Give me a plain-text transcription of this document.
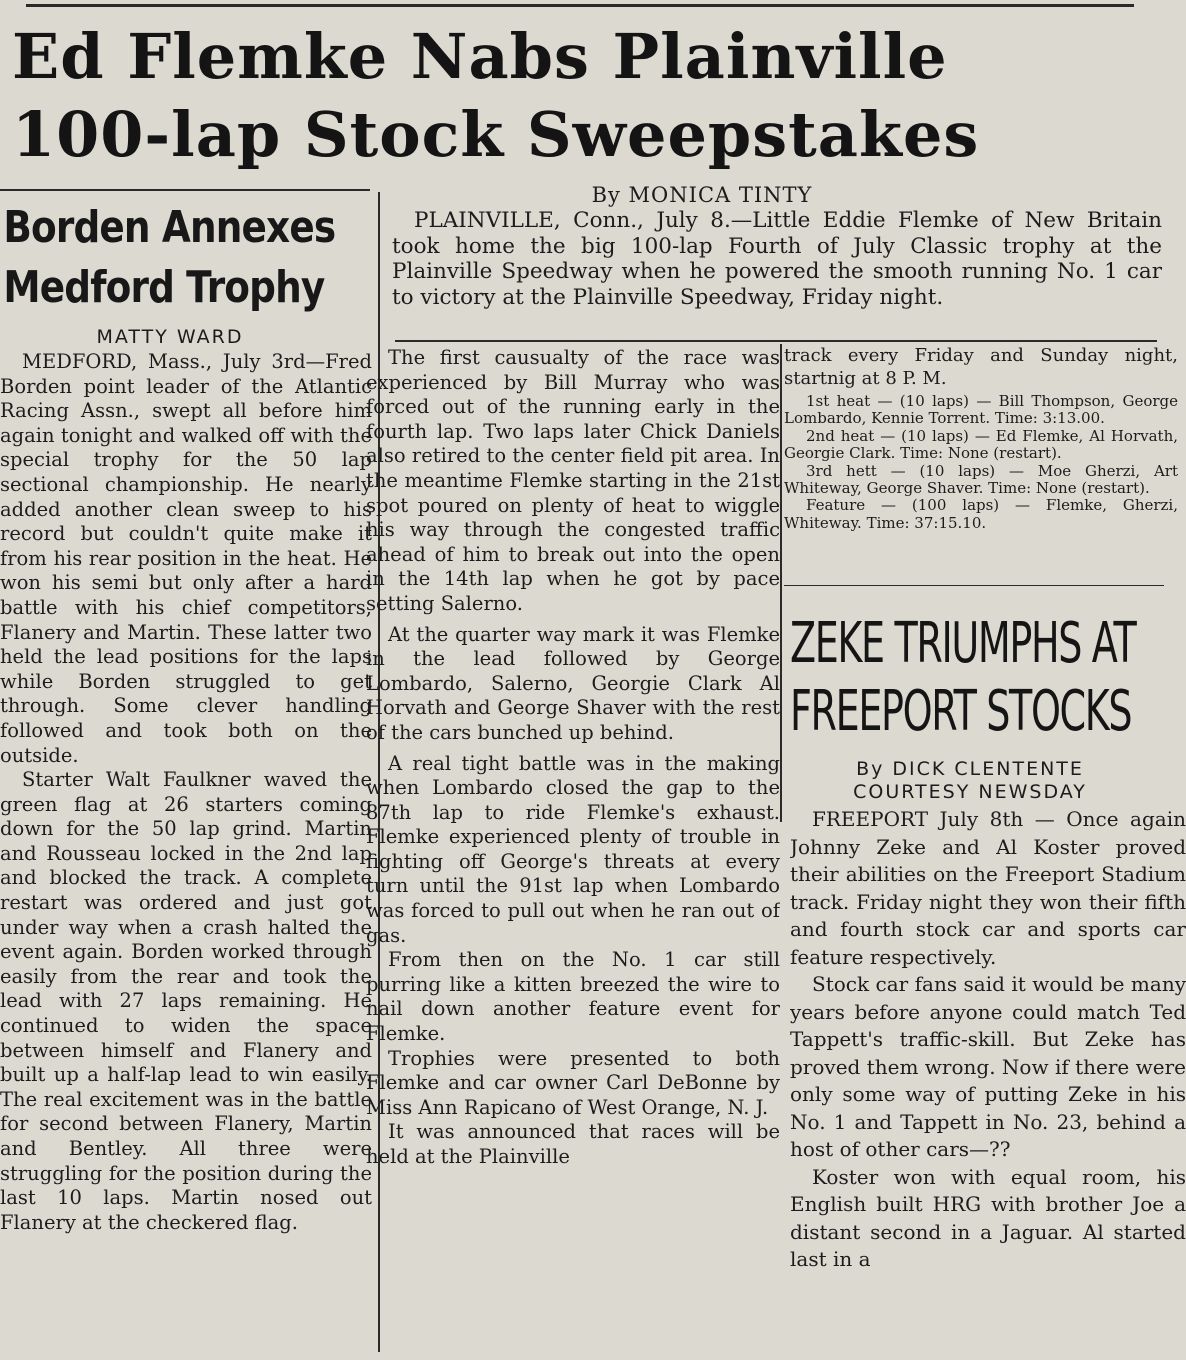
Ed Flemke Nabs Plainville
100-lap Stock Sweepstakes
Borden Annexes
Medford Trophy
MATTY WARD

MEDFORD, Mass., July 3rd—Fred Borden point leader of the Atlantic Racing Assn., swept all before him again tonight and walked off with the special trophy for the 50 lap sectional championship. He nearly added another clean sweep to his record but couldn't quite make it from his rear position in the heat. He won his semi but only after a hard battle with his chief competitors, Flanery and Martin. These latter two held the lead positions for the laps while Borden struggled to get through. Some clever handling followed and took both on the outside.

Starter Walt Faulkner waved the green flag at 26 starters coming down for the 50 lap grind. Martin and Rousseau locked in the 2nd lap and blocked the track. A complete restart was ordered and just got under way when a crash halted the event again. Borden worked through easily from the rear and took the lead with 27 laps remaining. He continued to widen the space between himself and Flanery and built up a half-lap lead to win easily. The real excitement was in the battle for second between Flanery, Martin and Bentley. All three were struggling for the position during the last 10 laps. Martin nosed out Flanery at the checkered flag.

By MONICA TINTY

PLAINVILLE, Conn., July 8.—Little Eddie Flemke of New Britain took home the big 100-lap Fourth of July Classic trophy at the Plainville Speedway when he powered the smooth running No. 1 car to victory at the Plainville Speedway, Friday night.

The first causualty of the race was experienced by Bill Murray who was forced out of the running early in the fourth lap. Two laps later Chick Daniels also retired to the center field pit area. In the meantime Flemke starting in the 21st spot poured on plenty of heat to wiggle his way through the congested traffic ahead of him to break out into the open in the 14th lap when he got by pace setting Salerno.

At the quarter way mark it was Flemke in the lead followed by George Lombardo, Salerno, Georgie Clark Al Horvath and George Shaver with the rest of the cars bunched up behind.

A real tight battle was in the making when Lombardo closed the gap to the 87th lap to ride Flemke's exhaust. Flemke experienced plenty of trouble in fighting off George's threats at every turn until the 91st lap when Lombardo was forced to pull out when he ran out of gas.

From then on the No. 1 car still purring like a kitten breezed the wire to nail down another feature event for Flemke.

Trophies were presented to both Flemke and car owner Carl DeBonne by Miss Ann Rapicano of West Orange, N. J.

It was announced that races will be held at the Plainville

track every Friday and Sunday night, startnig at 8 P. M.

1st heat — (10 laps) — Bill Thompson, George Lombardo, Kennie Torrent. Time: 3:13.00.

2nd heat — (10 laps) — Ed Flemke, Al Horvath, Georgie Clark. Time: None (restart).

3rd hett — (10 laps) — Moe Gherzi, Art Whiteway, George Shaver. Time: None (restart).

Feature — (100 laps) — Flemke, Gherzi, Whiteway. Time: 37:15.10.

ZEKE TRIUMPHS AT
FREEPORT STOCKS
By DICK CLENTENTE
COURTESY NEWSDAY

FREEPORT July 8th — Once again Johnny Zeke and Al Koster proved their abilities on the Freeport Stadium track. Friday night they won their fifth and fourth stock car and sports car feature respectively.

Stock car fans said it would be many years before anyone could match Ted Tappett's traffic-skill. But Zeke has proved them wrong. Now if there were only some way of putting Zeke in his No. 1 and Tappett in No. 23, behind a host of other cars—??

Koster won with equal room, his English built HRG with brother Joe a distant second in a Jaguar. Al started last in a
